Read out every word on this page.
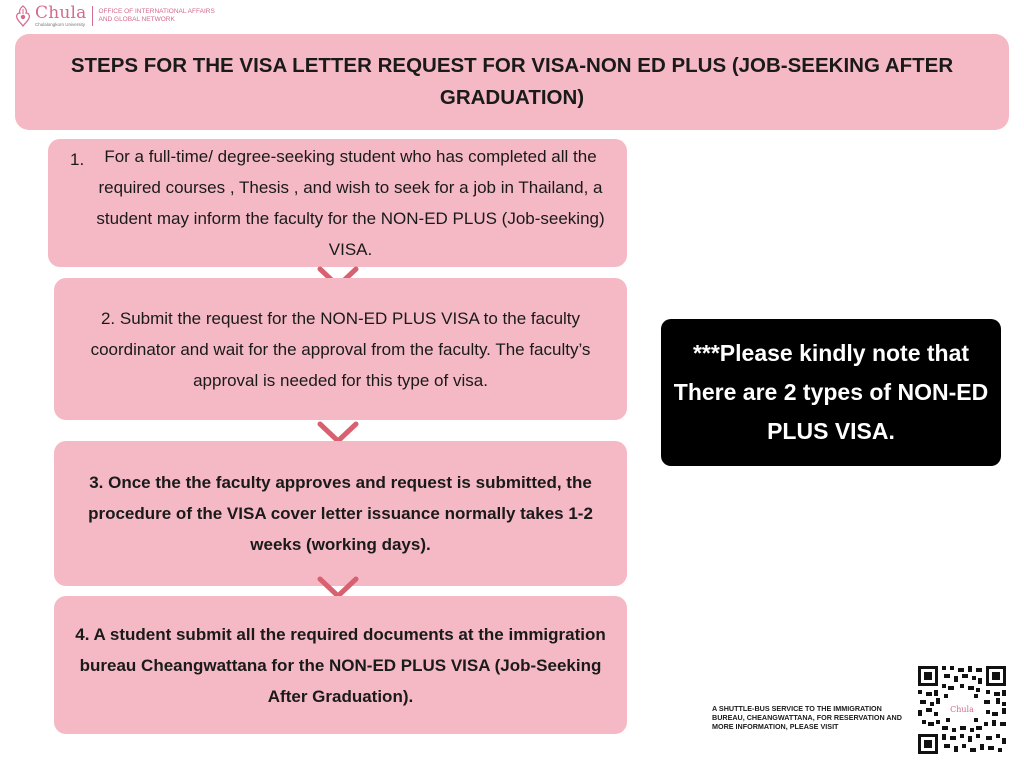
Chula
Chulalongkorn University
OFFICE OF INTERNATIONAL AFFAIRS
AND GLOBAL NETWORK
STEPS FOR THE VISA LETTER REQUEST FOR VISA-NON ED PLUS (JOB-SEEKING AFTER GRADUATION)
1.	For a full-time/ degree-seeking student who has completed all the required courses , Thesis , and wish to seek for a job in Thailand, a student may inform the faculty for the NON-ED PLUS (Job-seeking) VISA.

2. Submit the request for the NON-ED PLUS VISA to the faculty coordinator and wait for the approval from the faculty. The faculty’s approval is needed for this type of visa.

3. Once the the faculty approves and request is submitted, the procedure of the VISA cover letter issuance normally takes 1-2 weeks (working days).

4. A student submit all the required documents at the immigration bureau Cheangwattana for the NON-ED PLUS VISA (Job-Seeking After Graduation).

***Please kindly note that There are 2 types of NON-ED PLUS VISA.

A SHUTTLE-BUS SERVICE TO THE IMMIGRATION BUREAU, CHEANGWATTANA, FOR RESERVATION AND MORE INFORMATION, PLEASE VISIT
Chula
